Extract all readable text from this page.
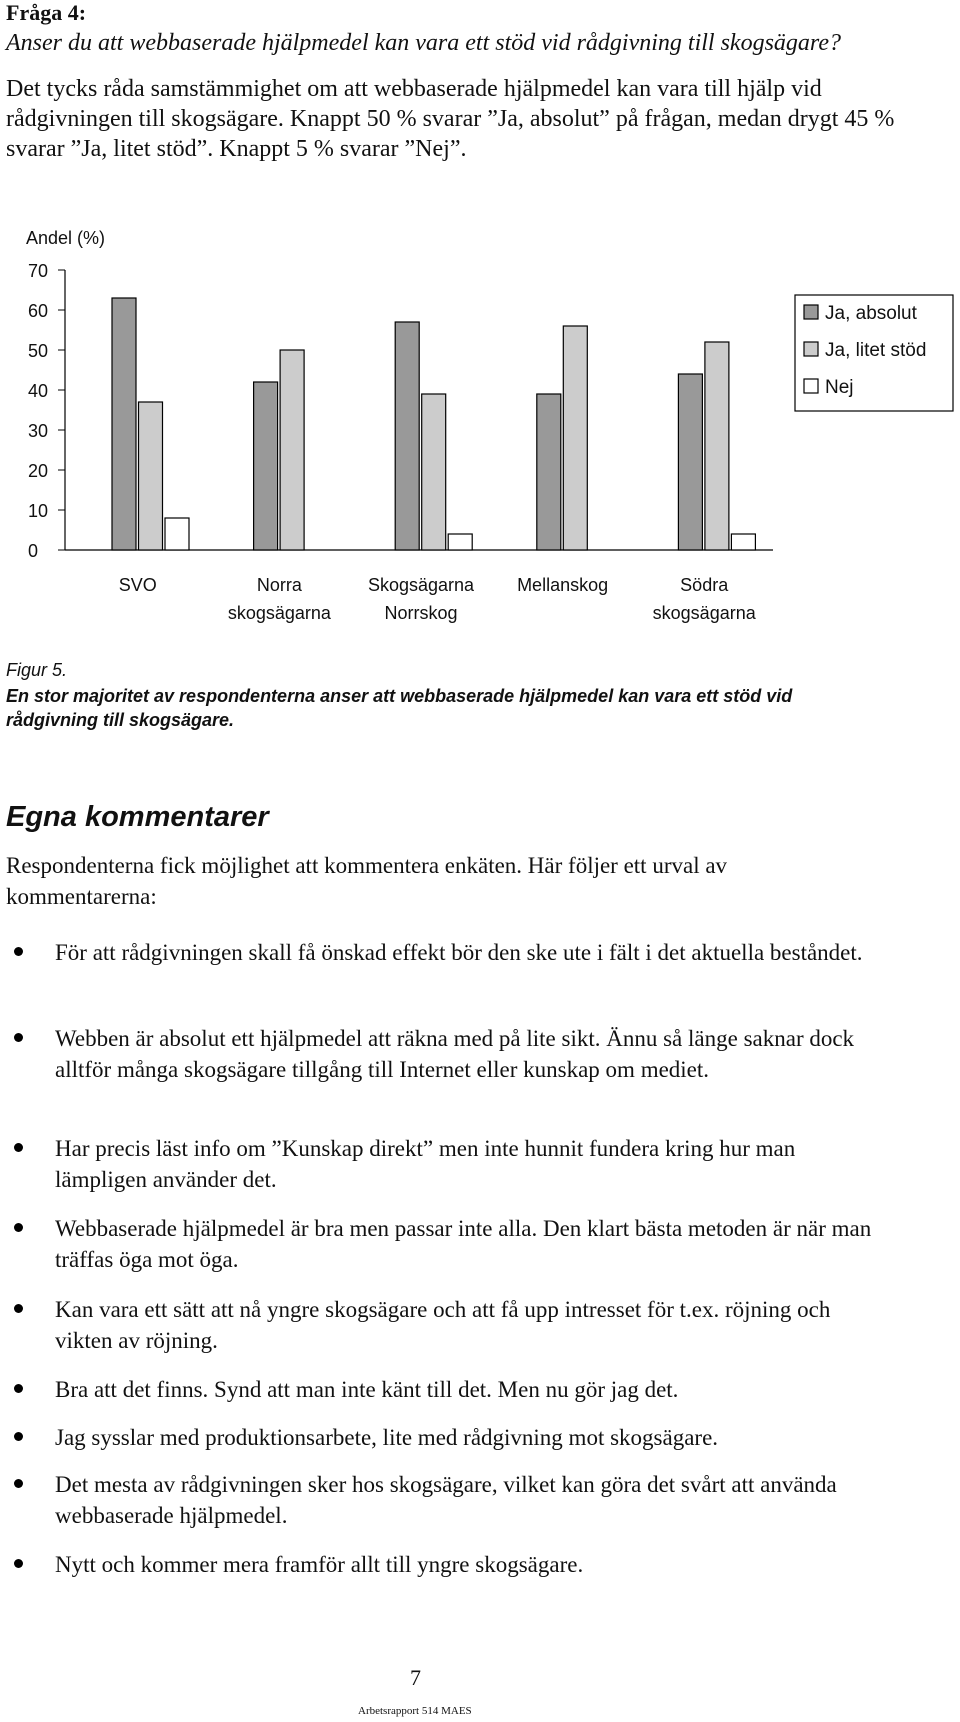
Fråga 4:
Anser du att webbaserade hjälpmedel kan vara ett stöd vid rådgivning till skogsägare?
Det tycks råda samstämmighet om att webbaserade hjälpmedel kan vara till hjälp vid rådgivningen till skogsägare. Knappt 50 % svarar ”Ja, absolut” på frågan, medan drygt 45 % svarar ”Ja, litet stöd”. Knappt 5 % svarar ”Nej”.
Andel (%)
0
10
20
30
40
50
60
70
SVO	Norra
skogsägarna
Skogsägarna
Norrskog
Mellanskog	Södra
skogsägarna
Ja, absolut
Ja, litet stöd
Nej
Figur 5.
En stor majoritet av respondenterna anser att webbaserade hjälpmedel kan vara ett stöd vid rådgivning till skogsägare.
Egna kommentarer
Respondenterna fick möjlighet att kommentera enkäten. Här följer ett urval av kommentarerna:
För att rådgivningen skall få önskad effekt bör den ske ute i fält i det aktuella beståndet.
Webben är absolut ett hjälpmedel att räkna med på lite sikt. Ännu så länge saknar dock alltför många skogsägare tillgång till Internet eller kunskap om mediet.
Har precis läst info om ”Kunskap direkt” men inte hunnit fundera kring hur man lämpligen använder det.
Webbaserade hjälpmedel är bra men passar inte alla. Den klart bästa metoden är när man träffas öga mot öga.
Kan vara ett sätt att nå yngre skogsägare och att få upp intresset för t.ex. röjning och vikten av röjning.
Bra att det finns. Synd att man inte känt till det. Men nu gör jag det.
Jag sysslar med produktionsarbete, lite med rådgivning mot skogsägare.
Det mesta av rådgivningen sker hos skogsägare, vilket kan göra det svårt att använda webbaserade hjälpmedel.
Nytt och kommer mera framför allt till yngre skogsägare.
7
Arbetsrapport 514 MAES
